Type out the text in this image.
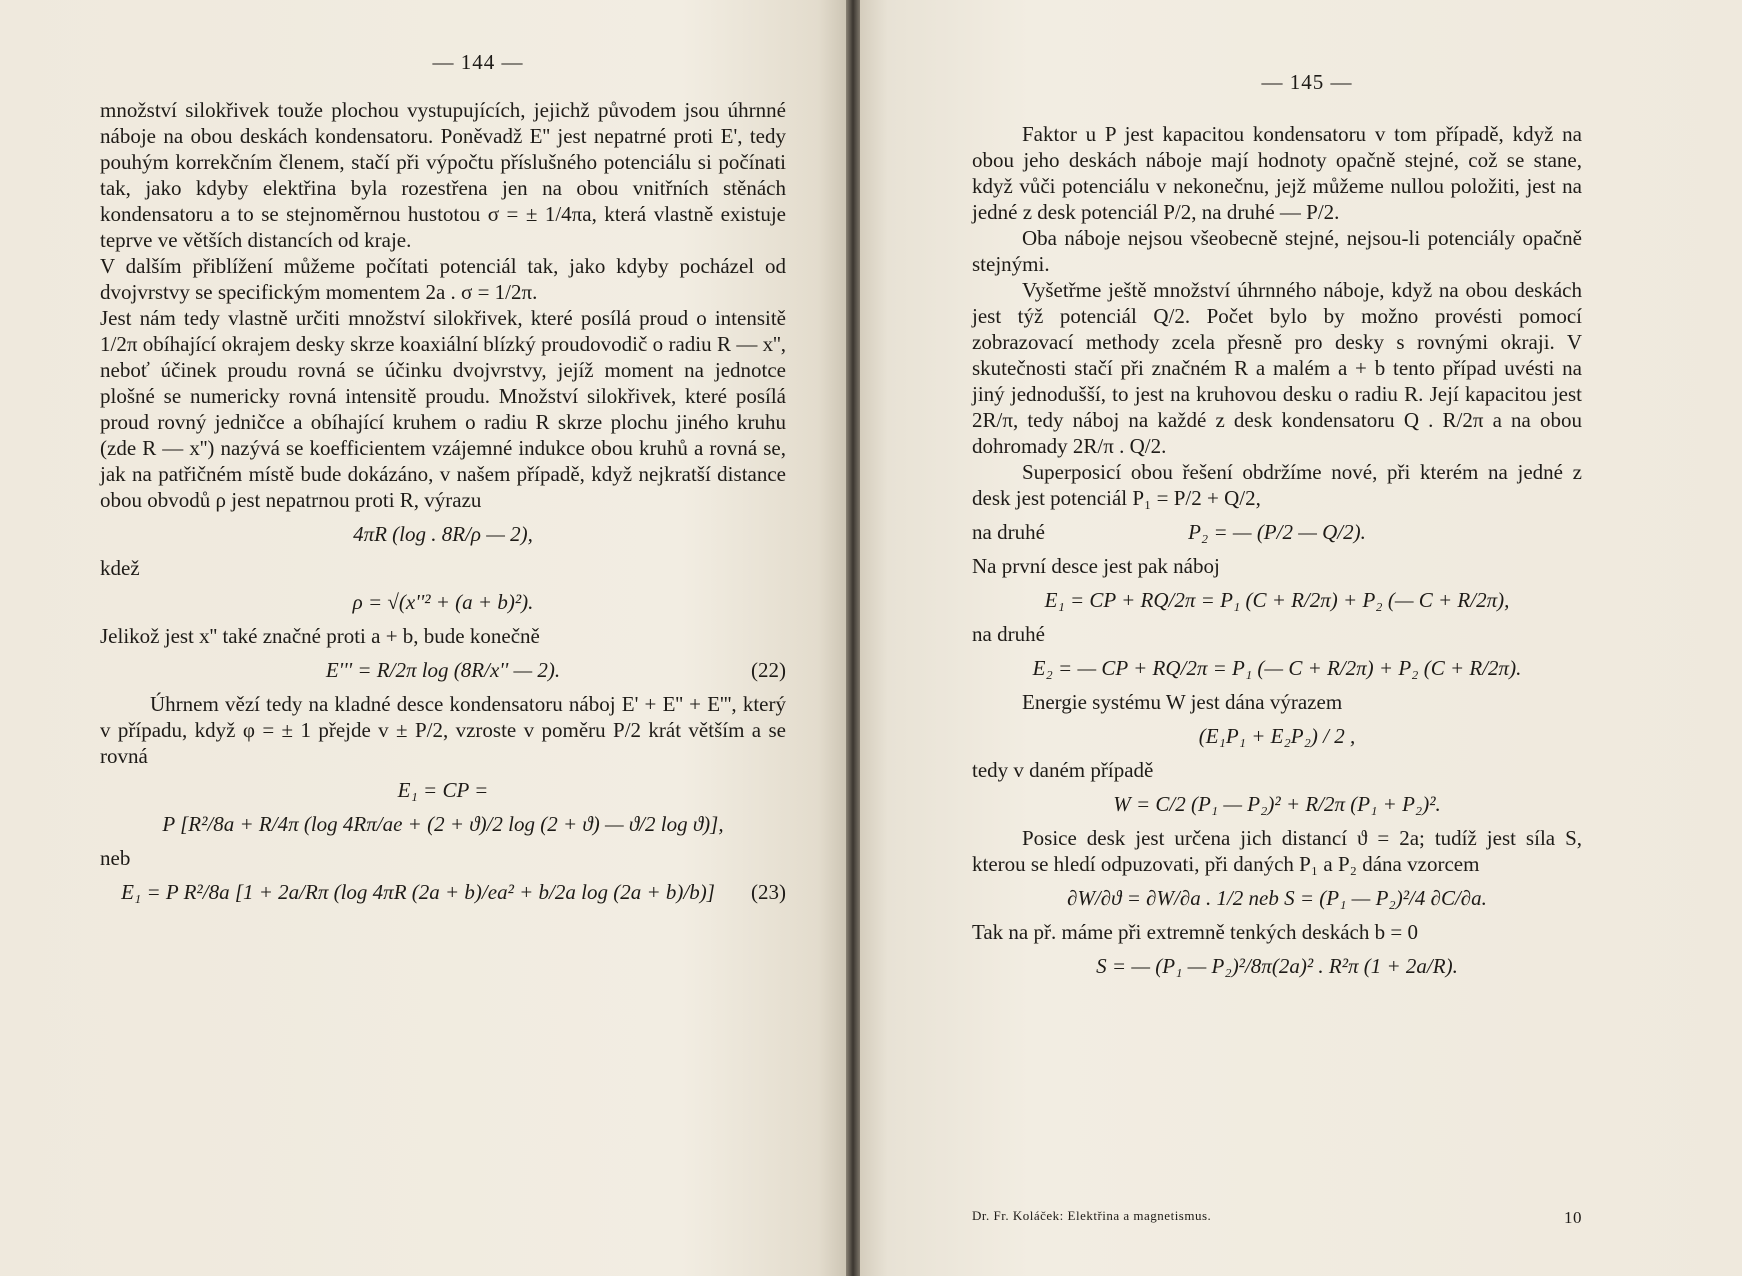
— 144 —

množství silokřivek touže plochou vystupujících, jejichž původem jsou úhrnné náboje na obou deskách kondensatoru. Poněvadž E'' jest nepatrné proti E', tedy pouhým korrekčním členem, stačí při výpočtu příslušného potenciálu si počínati tak, jako kdyby elektřina byla rozestřena jen na obou vnitřních stěnách kondensatoru a to se stejnoměrnou hustotou σ = ± 1/4πa, která vlastně existuje teprve ve větších distancích od kraje.

V dalším přiblížení můžeme počítati potenciál tak, jako kdyby pocházel od dvojvrstvy se specifickým momentem 2a . σ = 1/2π.

Jest nám tedy vlastně určiti množství silokřivek, které posílá proud o intensitě 1/2π obíhající okrajem desky skrze koaxiální blízký proudovodič o radiu R — x'', neboť účinek proudu rovná se účinku dvojvrstvy, jejíž moment na jednotce plošné se numericky rovná intensitě proudu. Množství silokřivek, které posílá proud rovný jedničce a obíhající kruhem o radiu R skrze plochu jiného kruhu (zde R — x'') nazývá se koefficientem vzájemné indukce obou kruhů a rovná se, jak na patřičném místě bude dokázáno, v našem případě, když nejkratší distance obou obvodů ρ jest nepatrnou proti R, výrazu

4πR (log . 8R/ρ — 2),
kdež
ρ = √(x''² + (a + b)²).

Jelikož jest x'' také značné proti a + b, bude konečně

E''' = R/2π log (8R/x'' — 2).	(22)

Úhrnem vězí tedy na kladné desce kondensatoru náboj E' + E'' + E''', který v případu, když φ = ± 1 přejde v ± P/2, vzroste v poměru P/2 krát větším a se rovná

E₁ = CP =
P [R²/8a + R/4π (log 4Rπ/ae + (2 + ϑ)/2 log (2 + ϑ) — ϑ/2 log ϑ)],
neb
E₁ = P R²/8a [1 + 2a/Rπ (log 4πR (2a + b)/ea² + b/2a log (2a + b)/b)]	(23)
— 145 —

Faktor u P jest kapacitou kondensatoru v tom případě, když na obou jeho deskách náboje mají hodnoty opačně stejné, což se stane, když vůči potenciálu v nekonečnu, jejž můžeme nullou položiti, jest na jedné z desk potenciál P/2, na druhé — P/2.

Oba náboje nejsou všeobecně stejné, nejsou-li potenciály opačně stejnými.

Vyšetřme ještě množství úhrnného náboje, když na obou deskách jest týž potenciál Q/2. Počet bylo by možno provésti pomocí zobrazovací methody zcela přesně pro desky s rovnými okraji. V skutečnosti stačí při značném R a malém a + b tento případ uvésti na jiný jednodušší, to jest na kruhovou desku o radiu R. Její kapacitou jest 2R/π, tedy náboj na každé z desk kondensatoru Q . R/2π a na obou dohromady 2R/π . Q/2.

Superposicí obou řešení obdržíme nové, při kterém na jedné z desk jest potenciál P₁ = P/2 + Q/2,

na druhé	P₂ = — (P/2 — Q/2).

Na první desce jest pak náboj

E₁ = CP + RQ/2π = P₁ (C + R/2π) + P₂ (— C + R/2π),
na druhé
E₂ = — CP + RQ/2π = P₁ (— C + R/2π) + P₂ (C + R/2π).

Energie systému W jest dána výrazem

(E₁P₁ + E₂P₂) / 2 ,

tedy v daném případě

W = C/2 (P₁ — P₂)² + R/2π (P₁ + P₂)².

Posice desk jest určena jich distancí ϑ = 2a; tudíž jest síla S, kterou se hledí odpuzovati, při daných P₁ a P₂ dána vzorcem

∂W/∂ϑ = ∂W/∂a . 1/2 neb S = (P₁ — P₂)²/4 ∂C/∂a.

Tak na př. máme při extremně tenkých deskách b = 0

S = — (P₁ — P₂)²/8π(2a)² . R²π (1 + 2a/R).
Dr. Fr. Koláček: Elektřina a magnetismus.	10
